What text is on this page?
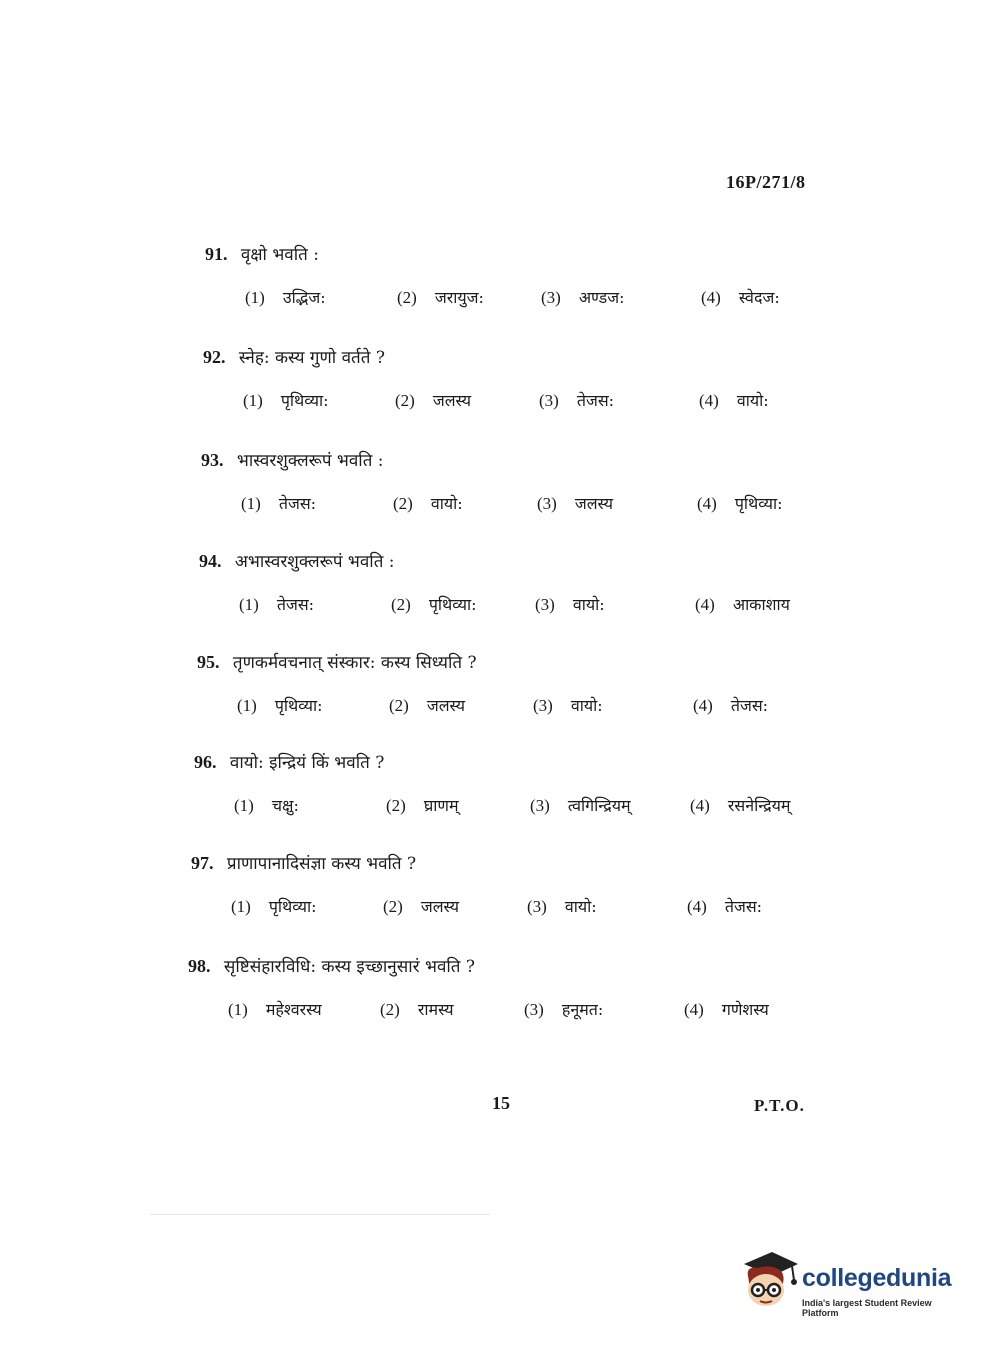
16P/271/8
91. वृक्षो भवति :
(1) उद्भिज:	(2) जरायुज:	(3) अण्डज:	(4) स्वेदज:
92. स्नेह: कस्य गुणो वर्तते ?
(1) पृथिव्या:	(2) जलस्य	(3) तेजस:	(4) वायो:
93. भास्वरशुक्लरूपं भवति :
(1) तेजस:	(2) वायो:	(3) जलस्य	(4) पृथिव्या:
94. अभास्वरशुक्लरूपं भवति :
(1) तेजस:	(2) पृथिव्या:	(3) वायो:	(4) आकाशाय
95. तृणकर्मवचनात् संस्कार: कस्य सिध्यति ?
(1) पृथिव्या:	(2) जलस्य	(3) वायो:	(4) तेजस:
96. वायो: इन्द्रियं किं भवति ?
(1) चक्षु:	(2) घ्राणम्	(3) त्वगिन्द्रियम्	(4) रसनेन्द्रियम्
97. प्राणापानादिसंज्ञा कस्य भवति ?
(1) पृथिव्या:	(2) जलस्य	(3) वायो:	(4) तेजस:
98. सृष्टिसंहारविधि: कस्य इच्छानुसारं भवति ?
(1) महेश्वरस्य	(2) रामस्य	(3) हनूमत:	(4) गणेशस्य
15	P.T.O.
collegedunia
India's largest Student Review Platform
